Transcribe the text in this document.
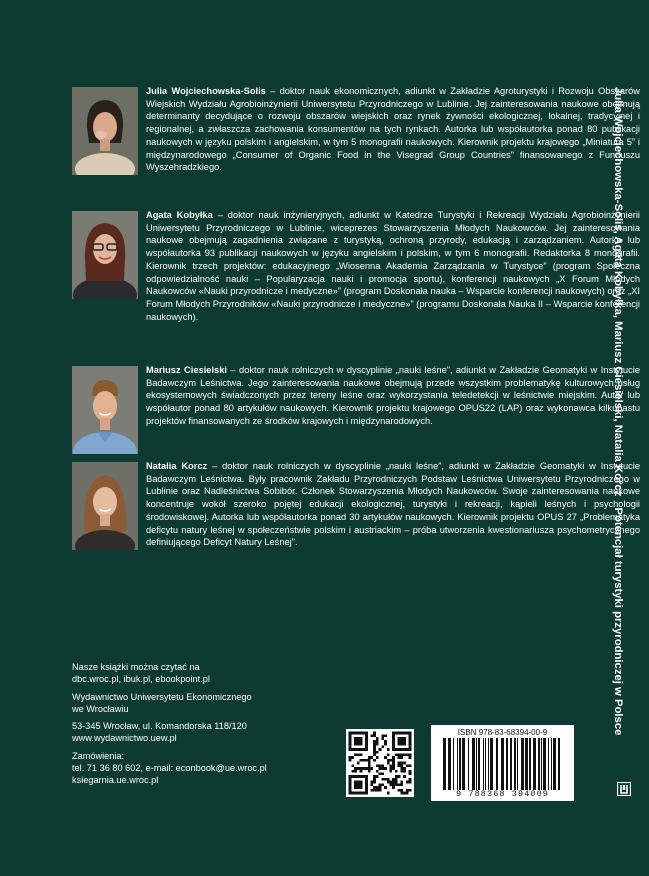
Julia Wojciechowska-Solis – doktor nauk ekonomicznych, adiunkt w Zakładzie Agroturystyki i Rozwoju Obszarów Wiejskich Wydziału Agrobioinżynierii Uniwersytetu Przyrodniczego w Lublinie. Jej zainteresowania naukowe obejmują determinanty decydujące o rozwoju obszarów wiejskich oraz rynek żywności ekologicznej, lokalnej, tradycyjnej i regionalnej, a zwłaszcza zachowania konsumentów na tych rynkach. Autorka lub współautorka ponad 80 publikacji naukowych w języku polskim i angielskim, w tym 5 monografii naukowych. Kierownik projektu krajowego „Miniatura 5” i międzynarodowego „Consumer of Organic Food in the Visegrad Group Countries” finansowanego z Funduszu Wyszehradzkiego.

Agata Kobyłka – doktor nauk inżynieryjnych, adiunkt w Katedrze Turystyki i Rekreacji Wydziału Agrobioinżynierii Uniwersytetu Przyrodniczego w Lublinie, wiceprezes Stowarzyszenia Młodych Naukowców. Jej zainteresowania naukowe obejmują zagadnienia związane z turystyką, ochroną przyrody, edukacją i zarządzaniem. Autorka lub współautorka 93 publikacji naukowych w języku angielskim i polskim, w tym 6 monografii. Redaktorka 8 monografii. Kierownik trzech projektów: edukacyjnego „Wiosenna Akademia Zarządzania w Turystyce” (program Społeczna odpowiedzialność nauki – Popularyzacja nauki i promocja sportu), konferencji naukowych „X Forum Młodych Naukowców «Nauki przyrodnicze i medyczne»” (program Doskonała nauka – Wsparcie konferencji naukowych) oraz „XI Forum Młodych Przyrodników «Nauki przyrodnicze i medyczne»” (programu Doskonała Nauka II – Wsparcie konferencji naukowych).

Mariusz Ciesielski – doktor nauk rolniczych w dyscyplinie „nauki leśne”, adiunkt w Zakładzie Geomatyki w Instytucie Badawczym Leśnictwa. Jego zainteresowania naukowe obejmują przede wszystkim problematykę kulturowych usług ekosystemowych świadczonych przez tereny leśne oraz wykorzystania teledetekcji w leśnictwie miejskim. Autor lub współautor ponad 80 artykułów naukowych. Kierownik projektu krajowego OPUS22 (LAP) oraz wykonawca kilkunastu projektów finansowanych ze środków krajowych i międzynarodowych.

Natalia Korcz – doktor nauk rolniczych w dyscyplinie „nauki leśne”, adiunkt w Zakładzie Geomatyki w Instytucie Badawczym Leśnictwa. Były pracownik Zakładu Przyrodniczych Podstaw Leśnictwa Uniwersytetu Przyrodniczego w Lublinie oraz Nadleśnictwa Sobibór. Członek Stowarzyszenia Młodych Naukowców. Swoje zainteresowania naukowe koncentruje wokół szeroko pojętej edukacji ekologicznej, turystyki i rekreacji, kąpieli leśnych i psychologii środowiskowej. Autorka lub współautorka ponad 30 artykułów naukowych. Kierownik projektu OPUS 27 „Problematyka deficytu natury leśnej w społeczeństwie polskim i austriackim – próba utworzenia kwestionariusza psychometrycznego definiującego Deficyt Natury Leśnej”.

Julia Wojciechowska-Solis, Agata Kobyłka, Mariusz Ciesielski, Natalia Korcz Potencjał turystyki przyrodniczej w Polsce

Nasze książki można czytać na

dbc.wroc.pl, ibuk.pl, ebookpoint.pl

Wydawnictwo Uniwersytetu Ekonomicznego

we Wrocławiu

53-345 Wrocław, ul. Komandorska 118/120

www.wydawnictwo.uew.pl

Zamówienia:

tel. 71 36 80 602, e-mail: econbook@ue.wroc.pl

ksiegarnia.ue.wroc.pl

ISBN 978-83-68394-00-9
9 788368 394009
